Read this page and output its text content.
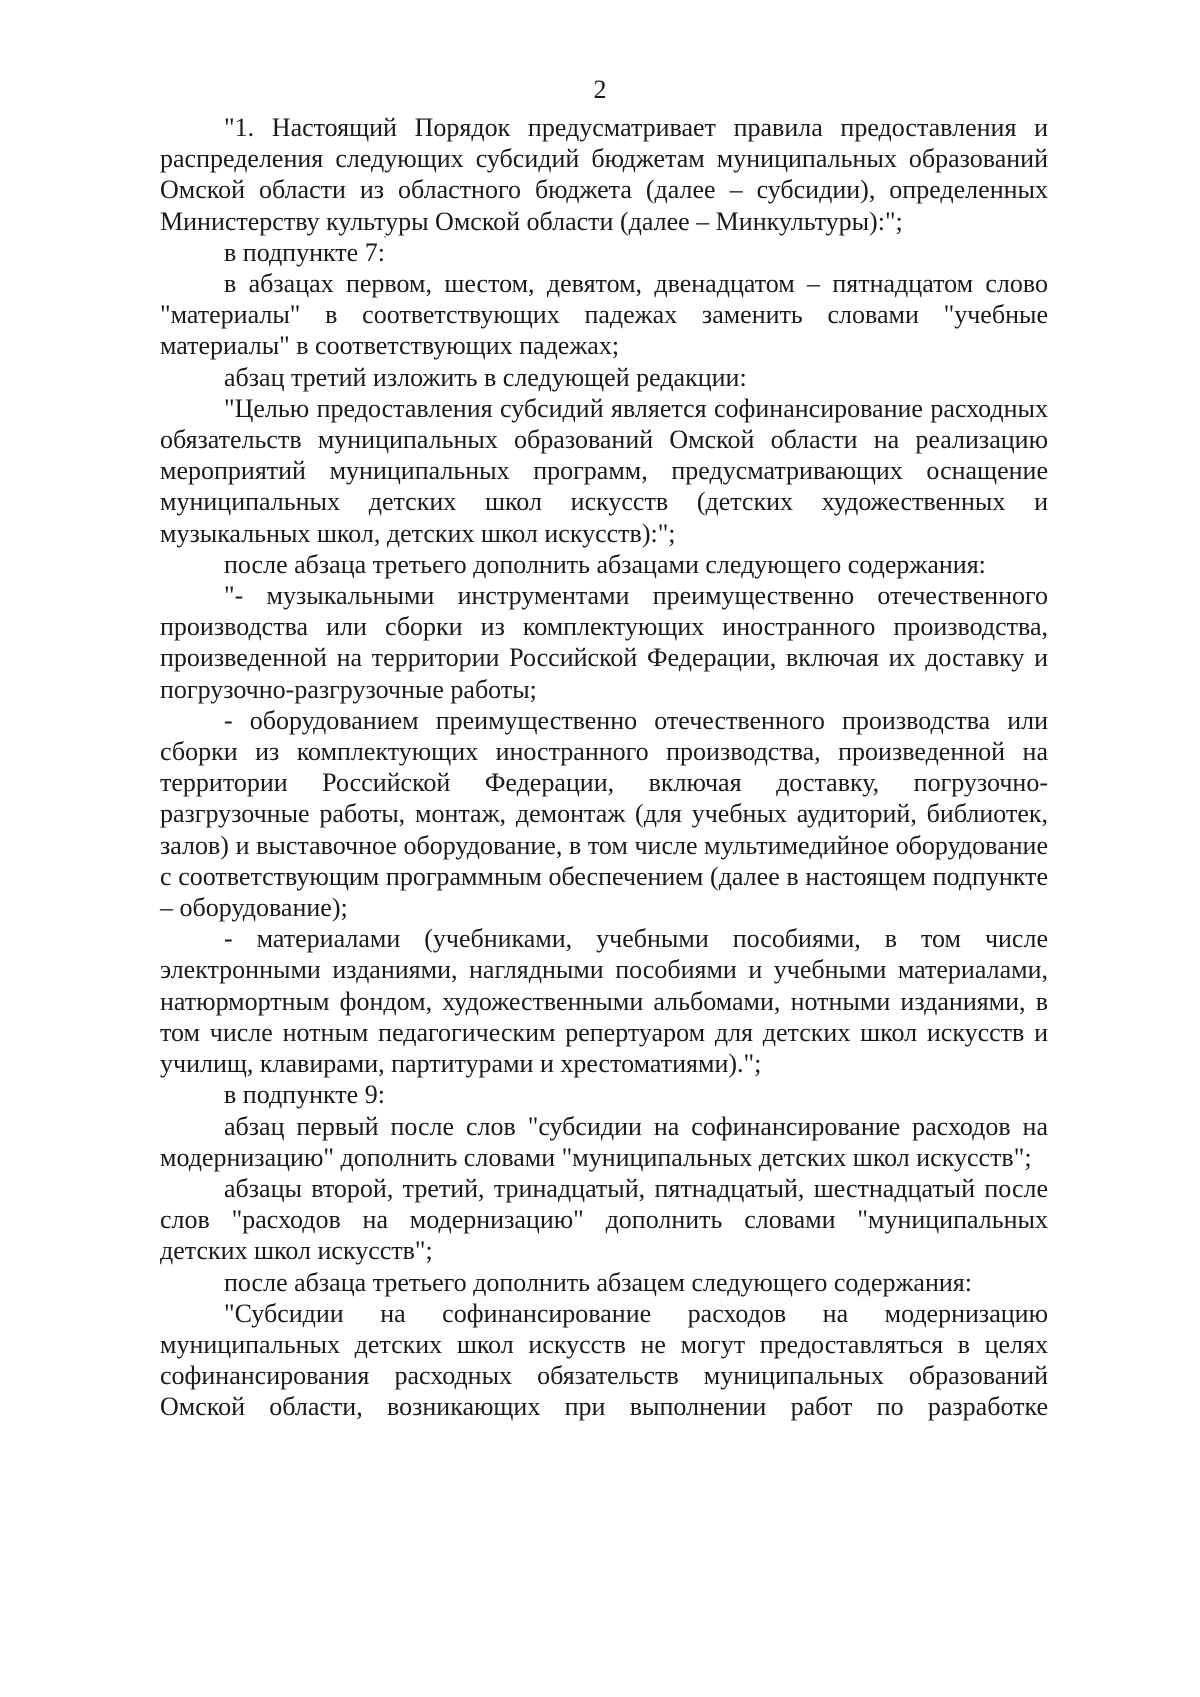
2

"1. Настоящий Порядок предусматривает правила предоставления и распределения следующих субсидий бюджетам муниципальных образований Омской области из областного бюджета (далее – субсидии), определенных Министерству культуры Омской области (далее – Минкультуры):";

в подпункте 7:

в абзацах первом, шестом, девятом, двенадцатом – пятнадцатом слово "материалы" в соответствующих падежах заменить словами "учебные материалы" в соответствующих падежах;

абзац третий изложить в следующей редакции:

"Целью предоставления субсидий является софинансирование расходных обязательств муниципальных образований Омской области на реализацию мероприятий муниципальных программ, предусматривающих оснащение муниципальных детских школ искусств (детских художественных и музыкальных школ, детских школ искусств):";

после абзаца третьего дополнить абзацами следующего содержания:

"- музыкальными инструментами преимущественно отечественного производства или сборки из комплектующих иностранного производства, произведенной на территории Российской Федерации, включая их доставку и погрузочно-разгрузочные работы;

- оборудованием преимущественно отечественного производства или сборки из комплектующих иностранного производства, произведенной на территории Российской Федерации, включая доставку, погрузочно-разгрузочные работы, монтаж, демонтаж (для учебных аудиторий, библиотек, залов) и выставочное оборудование, в том числе мультимедийное оборудование с соответствующим программным обеспечением (далее в настоящем подпункте – оборудование);

- материалами (учебниками, учебными пособиями, в том числе электронными изданиями, наглядными пособиями и учебными материалами, натюрмортным фондом, художественными альбомами, нотными изданиями, в том числе нотным педагогическим репертуаром для детских школ искусств и училищ, клавирами, партитурами и хрестоматиями).";

в подпункте 9:

абзац первый после слов "субсидии на софинансирование расходов на модернизацию" дополнить словами "муниципальных детских школ искусств";

абзацы второй, третий, тринадцатый, пятнадцатый, шестнадцатый после слов "расходов на модернизацию" дополнить словами "муниципальных детских школ искусств";

после абзаца третьего дополнить абзацем следующего содержания:

"Субсидии на софинансирование расходов на модернизацию муниципальных детских школ искусств не могут предоставляться в целях софинансирования расходных обязательств муниципальных образований Омской области, возникающих при выполнении работ по разработке
